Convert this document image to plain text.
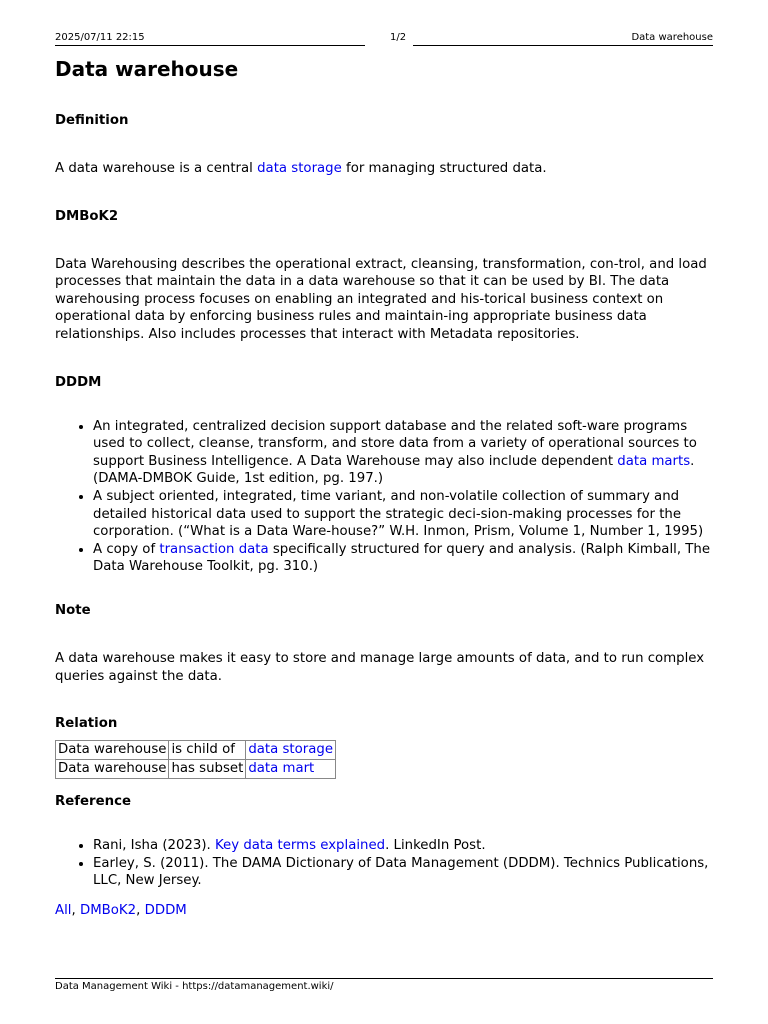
2025/07/11 22:15	1/2	Data warehouse
Data warehouse
Definition

A data warehouse is a central data storage for managing structured data.

DMBoK2

Data Warehousing describes the operational extract, cleansing, transformation, con-trol, and load processes that maintain the data in a data warehouse so that it can be used by BI. The data warehousing process focuses on enabling an integrated and his-torical business context on operational data by enforcing business rules and maintain-ing appropriate business data relationships. Also includes processes that interact with Metadata repositories.

DDDM
• An integrated, centralized decision support database and the related soft-ware programs used to collect, cleanse, transform, and store data from a variety of operational sources to support Business Intelligence. A Data Warehouse may also include dependent data marts. (DAMA-DMBOK Guide, 1st edition, pg. 197.)
• A subject oriented, integrated, time variant, and non-volatile collection of summary and detailed historical data used to support the strategic deci-sion-making processes for the corporation. (“What is a Data Ware-house?” W.H. Inmon, Prism, Volume 1, Number 1, 1995)
• A copy of transaction data specifically structured for query and analysis. (Ralph Kimball, The Data Warehouse Toolkit, pg. 310.)
Note

A data warehouse makes it easy to store and manage large amounts of data, and to run complex queries against the data.

Relation
Data warehouse	is child of	data storage
Data warehouse	has subset	data mart
Reference
• Rani, Isha (2023). Key data terms explained. LinkedIn Post.
• Earley, S. (2011). The DAMA Dictionary of Data Management (DDDM). Technics Publications, LLC, New Jersey.

All, DMBoK2, DDDM

Data Management Wiki - https://datamanagement.wiki/
